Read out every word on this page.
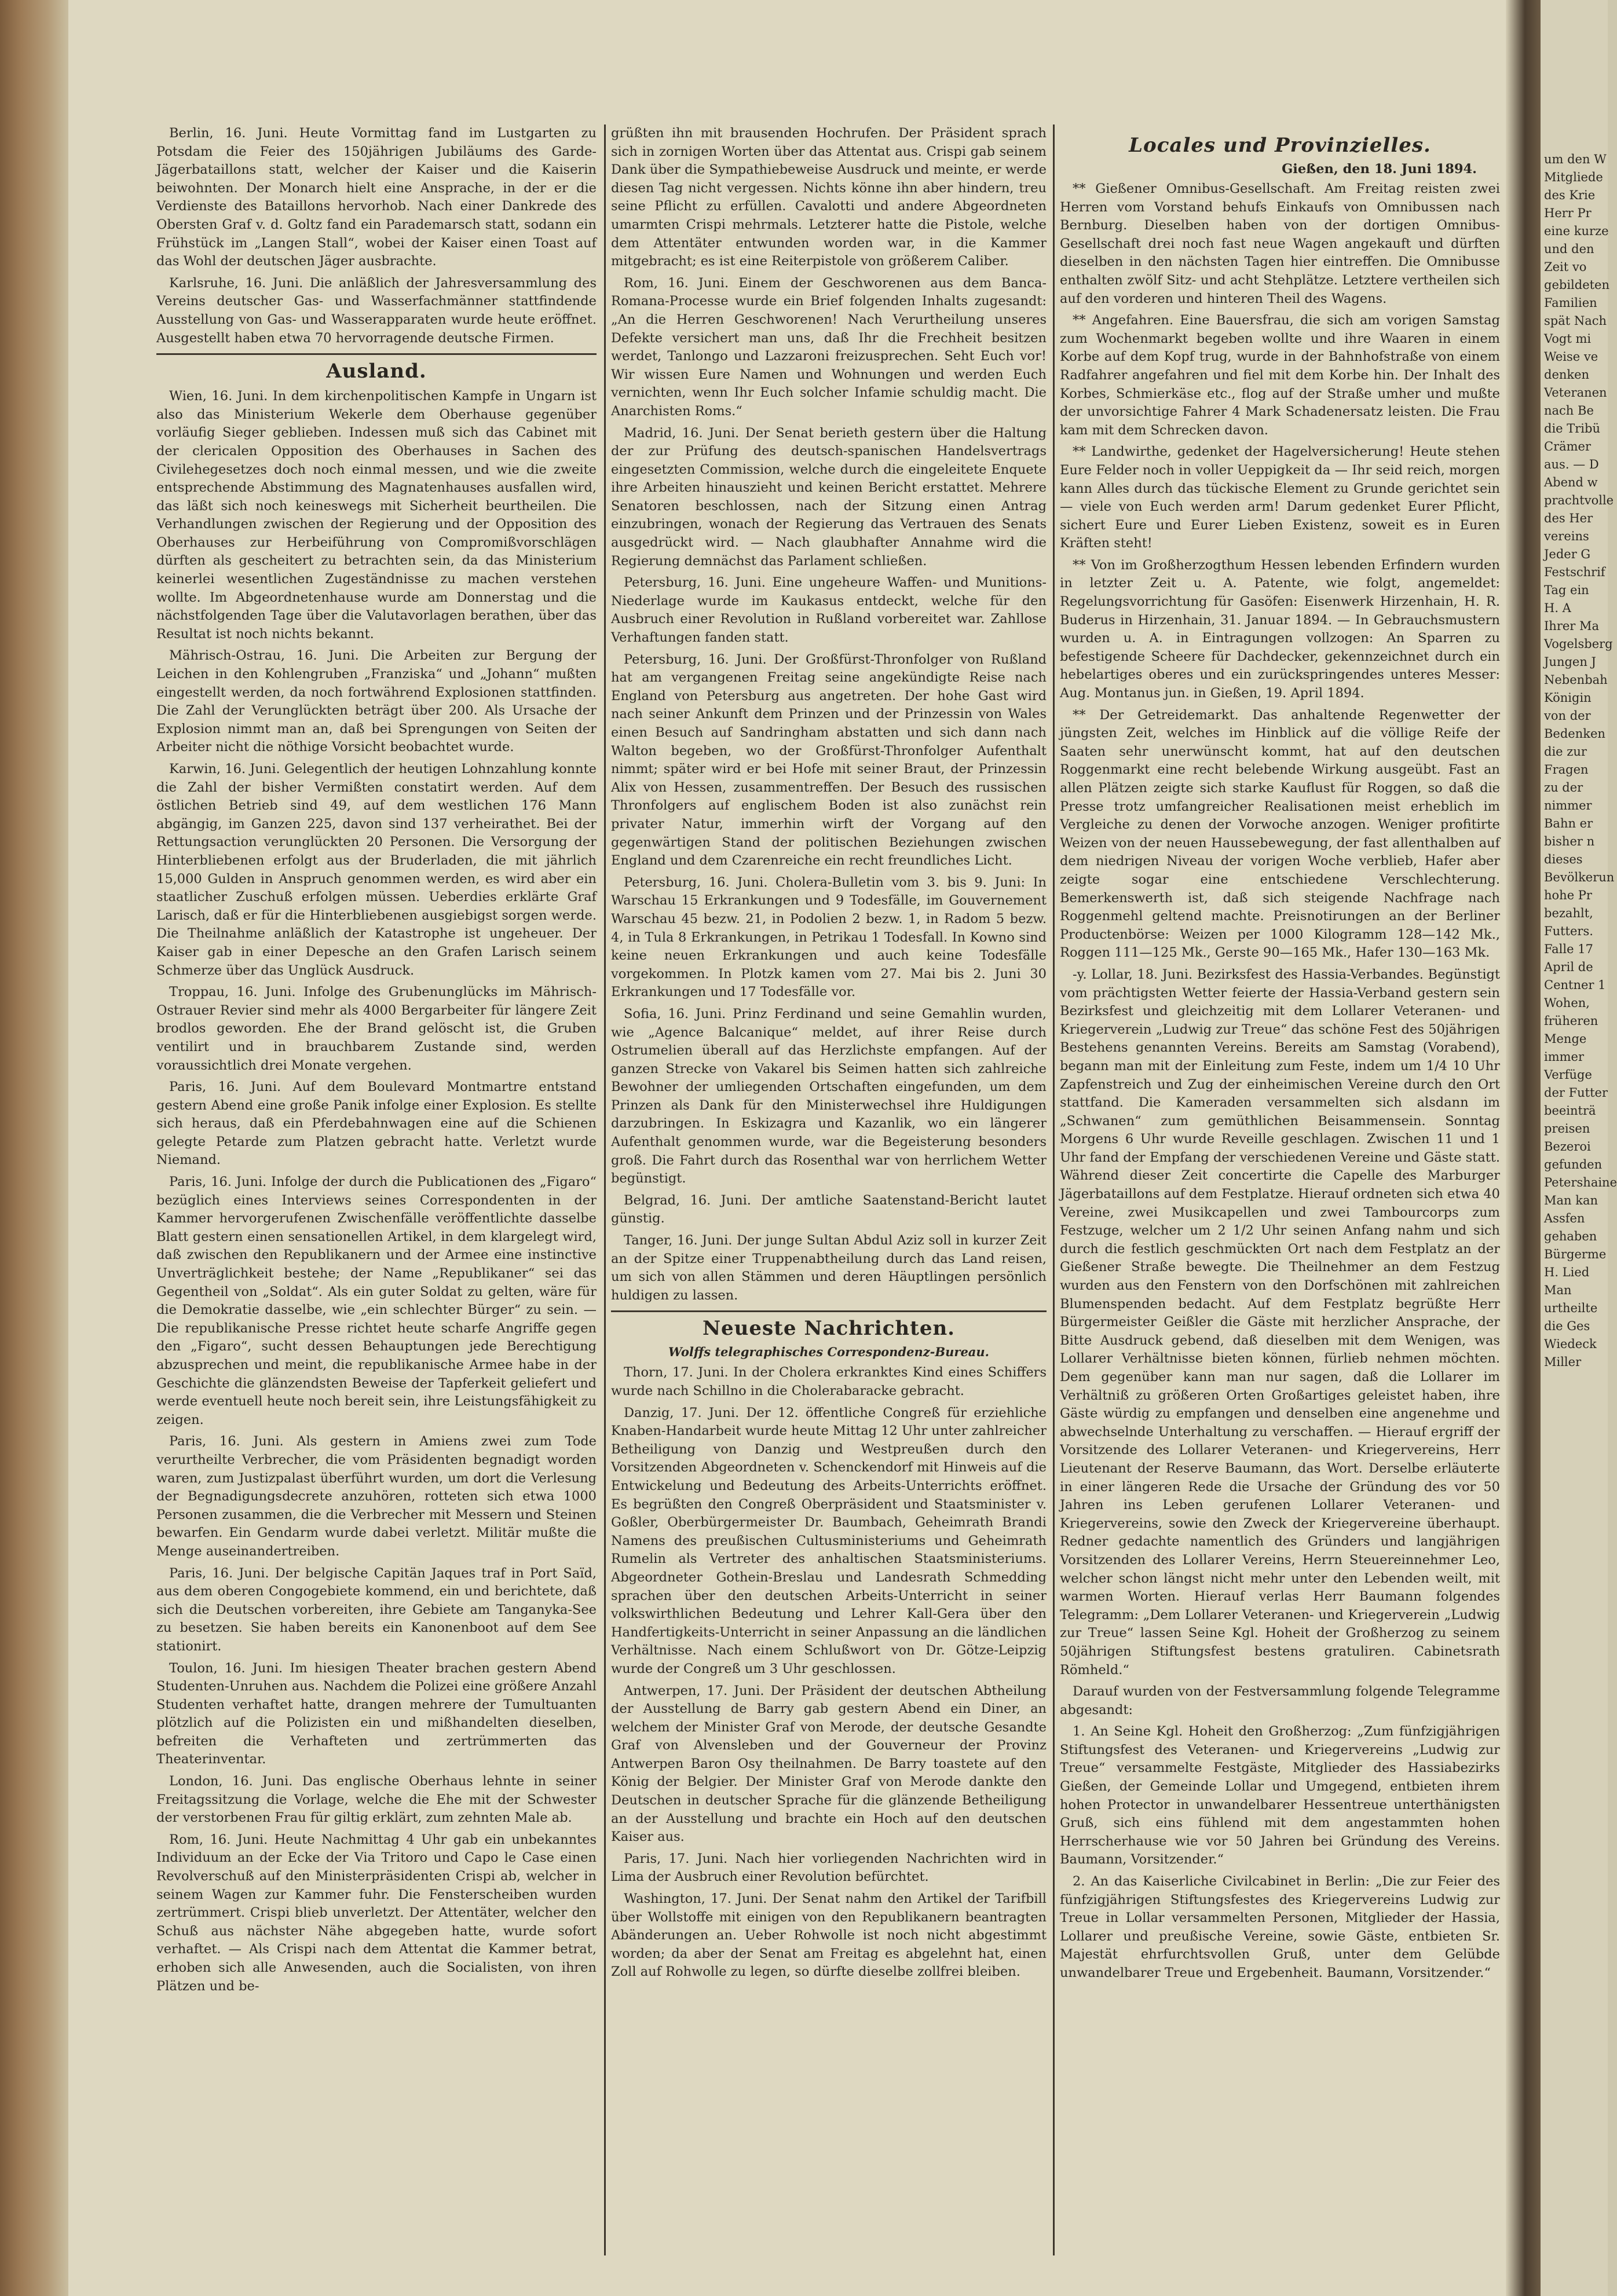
Berlin, 16. Juni. Heute Vormittag fand im Lustgarten zu Potsdam die Feier des 150jährigen Jubiläums des Garde-Jägerbataillons statt, welcher der Kaiser und die Kaiserin beiwohnten. Der Monarch hielt eine Ansprache, in der er die Verdienste des Bataillons hervorhob. Nach einer Dankrede des Obersten Graf v. d. Goltz fand ein Parademarsch statt, sodann ein Frühstück im „Langen Stall“, wobei der Kaiser einen Toast auf das Wohl der deutschen Jäger ausbrachte.

Karlsruhe, 16. Juni. Die anläßlich der Jahresversammlung des Vereins deutscher Gas- und Wasserfachmänner stattfindende Ausstellung von Gas- und Wasserapparaten wurde heute eröffnet. Ausgestellt haben etwa 70 hervorragende deutsche Firmen.

Ausland.

Wien, 16. Juni. In dem kirchenpolitischen Kampfe in Ungarn ist also das Ministerium Wekerle dem Oberhause gegenüber vorläufig Sieger geblieben. Indessen muß sich das Cabinet mit der clericalen Opposition des Oberhauses in Sachen des Civilehegesetzes doch noch einmal messen, und wie die zweite entsprechende Abstimmung des Magnatenhauses ausfallen wird, das läßt sich noch keineswegs mit Sicherheit beurtheilen. Die Verhandlungen zwischen der Regierung und der Opposition des Oberhauses zur Herbeiführung von Compromißvorschlägen dürften als gescheitert zu betrachten sein, da das Ministerium keinerlei wesentlichen Zugeständnisse zu machen verstehen wollte. Im Abgeordnetenhause wurde am Donnerstag und die nächstfolgenden Tage über die Valutavorlagen berathen, über das Resultat ist noch nichts bekannt.

Mährisch-Ostrau, 16. Juni. Die Arbeiten zur Bergung der Leichen in den Kohlengruben „Franziska“ und „Johann“ mußten eingestellt werden, da noch fortwährend Explosionen stattfinden. Die Zahl der Verunglückten beträgt über 200. Als Ursache der Explosion nimmt man an, daß bei Sprengungen von Seiten der Arbeiter nicht die nöthige Vorsicht beobachtet wurde.

Karwin, 16. Juni. Gelegentlich der heutigen Lohnzahlung konnte die Zahl der bisher Vermißten constatirt werden. Auf dem östlichen Betrieb sind 49, auf dem westlichen 176 Mann abgängig, im Ganzen 225, davon sind 137 verheirathet. Bei der Rettungsaction verunglückten 20 Personen. Die Versorgung der Hinterbliebenen erfolgt aus der Bruderladen, die mit jährlich 15,000 Gulden in Anspruch genommen werden, es wird aber ein staatlicher Zuschuß erfolgen müssen. Ueberdies erklärte Graf Larisch, daß er für die Hinterbliebenen ausgiebigst sorgen werde. Die Theilnahme anläßlich der Katastrophe ist ungeheuer. Der Kaiser gab in einer Depesche an den Grafen Larisch seinem Schmerze über das Unglück Ausdruck.

Troppau, 16. Juni. Infolge des Grubenunglücks im Mährisch-Ostrauer Revier sind mehr als 4000 Bergarbeiter für längere Zeit brodlos geworden. Ehe der Brand gelöscht ist, die Gruben ventilirt und in brauchbarem Zustande sind, werden voraussichtlich drei Monate vergehen.

Paris, 16. Juni. Auf dem Boulevard Montmartre entstand gestern Abend eine große Panik infolge einer Explosion. Es stellte sich heraus, daß ein Pferdebahnwagen eine auf die Schienen gelegte Petarde zum Platzen gebracht hatte. Verletzt wurde Niemand.

Paris, 16. Juni. Infolge der durch die Publicationen des „Figaro“ bezüglich eines Interviews seines Correspondenten in der Kammer hervorgerufenen Zwischenfälle veröffentlichte dasselbe Blatt gestern einen sensationellen Artikel, in dem klargelegt wird, daß zwischen den Republikanern und der Armee eine instinctive Unverträglichkeit bestehe; der Name „Republikaner“ sei das Gegentheil von „Soldat“. Als ein guter Soldat zu gelten, wäre für die Demokratie dasselbe, wie „ein schlechter Bürger“ zu sein. — Die republikanische Presse richtet heute scharfe Angriffe gegen den „Figaro“, sucht dessen Behauptungen jede Berechtigung abzusprechen und meint, die republikanische Armee habe in der Geschichte die glänzendsten Beweise der Tapferkeit geliefert und werde eventuell heute noch bereit sein, ihre Leistungsfähigkeit zu zeigen.

Paris, 16. Juni. Als gestern in Amiens zwei zum Tode verurtheilte Verbrecher, die vom Präsidenten begnadigt worden waren, zum Justizpalast überführt wurden, um dort die Verlesung der Begnadigungsdecrete anzuhören, rotteten sich etwa 1000 Personen zusammen, die die Verbrecher mit Messern und Steinen bewarfen. Ein Gendarm wurde dabei verletzt. Militär mußte die Menge auseinandertreiben.

Paris, 16. Juni. Der belgische Capitän Jaques traf in Port Saïd, aus dem oberen Congogebiete kommend, ein und berichtete, daß sich die Deutschen vorbereiten, ihre Gebiete am Tanganyka-See zu besetzen. Sie haben bereits ein Kanonenboot auf dem See stationirt.

Toulon, 16. Juni. Im hiesigen Theater brachen gestern Abend Studenten-Unruhen aus. Nachdem die Polizei eine größere Anzahl Studenten verhaftet hatte, drangen mehrere der Tumultuanten plötzlich auf die Polizisten ein und mißhandelten dieselben, befreiten die Verhafteten und zertrümmerten das Theaterinventar.

London, 16. Juni. Das englische Oberhaus lehnte in seiner Freitagssitzung die Vorlage, welche die Ehe mit der Schwester der verstorbenen Frau für giltig erklärt, zum zehnten Male ab.

Rom, 16. Juni. Heute Nachmittag 4 Uhr gab ein unbekanntes Individuum an der Ecke der Via Tritoro und Capo le Case einen Revolverschuß auf den Ministerpräsidenten Crispi ab, welcher in seinem Wagen zur Kammer fuhr. Die Fensterscheiben wurden zertrümmert. Crispi blieb unverletzt. Der Attentäter, welcher den Schuß aus nächster Nähe abgegeben hatte, wurde sofort verhaftet. — Als Crispi nach dem Attentat die Kammer betrat, erhoben sich alle Anwesenden, auch die Socialisten, von ihren Plätzen und be-

grüßten ihn mit brausenden Hochrufen. Der Präsident sprach sich in zornigen Worten über das Attentat aus. Crispi gab seinem Dank über die Sympathiebeweise Ausdruck und meinte, er werde diesen Tag nicht vergessen. Nichts könne ihn aber hindern, treu seine Pflicht zu erfüllen. Cavalotti und andere Abgeordneten umarmten Crispi mehrmals. Letzterer hatte die Pistole, welche dem Attentäter entwunden worden war, in die Kammer mitgebracht; es ist eine Reiterpistole von größerem Caliber.

Rom, 16. Juni. Einem der Geschworenen aus dem Banca-Romana-Processe wurde ein Brief folgenden Inhalts zugesandt: „An die Herren Geschworenen! Nach Verurtheilung unseres Defekte versichert man uns, daß Ihr die Frechheit besitzen werdet, Tanlongo und Lazzaroni freizusprechen. Seht Euch vor! Wir wissen Eure Namen und Wohnungen und werden Euch vernichten, wenn Ihr Euch solcher Infamie schuldig macht. Die Anarchisten Roms.“

Madrid, 16. Juni. Der Senat berieth gestern über die Haltung der zur Prüfung des deutsch-spanischen Handelsvertrags eingesetzten Commission, welche durch die eingeleitete Enquete ihre Arbeiten hinauszieht und keinen Bericht erstattet. Mehrere Senatoren beschlossen, nach der Sitzung einen Antrag einzubringen, wonach der Regierung das Vertrauen des Senats ausgedrückt wird. — Nach glaubhafter Annahme wird die Regierung demnächst das Parlament schließen.

Petersburg, 16. Juni. Eine ungeheure Waffen- und Munitions-Niederlage wurde im Kaukasus entdeckt, welche für den Ausbruch einer Revolution in Rußland vorbereitet war. Zahllose Verhaftungen fanden statt.

Petersburg, 16. Juni. Der Großfürst-Thronfolger von Rußland hat am vergangenen Freitag seine angekündigte Reise nach England von Petersburg aus angetreten. Der hohe Gast wird nach seiner Ankunft dem Prinzen und der Prinzessin von Wales einen Besuch auf Sandringham abstatten und sich dann nach Walton begeben, wo der Großfürst-Thronfolger Aufenthalt nimmt; später wird er bei Hofe mit seiner Braut, der Prinzessin Alix von Hessen, zusammentreffen. Der Besuch des russischen Thronfolgers auf englischem Boden ist also zunächst rein privater Natur, immerhin wirft der Vorgang auf den gegenwärtigen Stand der politischen Beziehungen zwischen England und dem Czarenreiche ein recht freundliches Licht.

Petersburg, 16. Juni. Cholera-Bulletin vom 3. bis 9. Juni: In Warschau 15 Erkrankungen und 9 Todesfälle, im Gouvernement Warschau 45 bezw. 21, in Podolien 2 bezw. 1, in Radom 5 bezw. 4, in Tula 8 Erkrankungen, in Petrikau 1 Todesfall. In Kowno sind keine neuen Erkrankungen und auch keine Todesfälle vorgekommen. In Plotzk kamen vom 27. Mai bis 2. Juni 30 Erkrankungen und 17 Todesfälle vor.

Sofia, 16. Juni. Prinz Ferdinand und seine Gemahlin wurden, wie „Agence Balcanique“ meldet, auf ihrer Reise durch Ostrumelien überall auf das Herzlichste empfangen. Auf der ganzen Strecke von Vakarel bis Seimen hatten sich zahlreiche Bewohner der umliegenden Ortschaften eingefunden, um dem Prinzen als Dank für den Ministerwechsel ihre Huldigungen darzubringen. In Eskizagra und Kazanlik, wo ein längerer Aufenthalt genommen wurde, war die Begeisterung besonders groß. Die Fahrt durch das Rosenthal war von herrlichem Wetter begünstigt.

Belgrad, 16. Juni. Der amtliche Saatenstand-Bericht lautet günstig.

Tanger, 16. Juni. Der junge Sultan Abdul Aziz soll in kurzer Zeit an der Spitze einer Truppenabtheilung durch das Land reisen, um sich von allen Stämmen und deren Häuptlingen persönlich huldigen zu lassen.

Neueste Nachrichten.
Wolffs telegraphisches Correspondenz-Bureau.

Thorn, 17. Juni. In der Cholera erkranktes Kind eines Schiffers wurde nach Schillno in die Cholerabaracke gebracht.

Danzig, 17. Juni. Der 12. öffentliche Congreß für erziehliche Knaben-Handarbeit wurde heute Mittag 12 Uhr unter zahlreicher Betheiligung von Danzig und Westpreußen durch den Vorsitzenden Abgeordneten v. Schenckendorf mit Hinweis auf die Entwickelung und Bedeutung des Arbeits-Unterrichts eröffnet. Es begrüßten den Congreß Oberpräsident und Staatsminister v. Goßler, Oberbürgermeister Dr. Baumbach, Geheimrath Brandi Namens des preußischen Cultusministeriums und Geheimrath Rumelin als Vertreter des anhaltischen Staatsministeriums. Abgeordneter Gothein-Breslau und Landesrath Schmedding sprachen über den deutschen Arbeits-Unterricht in seiner volkswirthlichen Bedeutung und Lehrer Kall-Gera über den Handfertigkeits-Unterricht in seiner Anpassung an die ländlichen Verhältnisse. Nach einem Schlußwort von Dr. Götze-Leipzig wurde der Congreß um 3 Uhr geschlossen.

Antwerpen, 17. Juni. Der Präsident der deutschen Abtheilung der Ausstellung de Barry gab gestern Abend ein Diner, an welchem der Minister Graf von Merode, der deutsche Gesandte Graf von Alvensleben und der Gouverneur der Provinz Antwerpen Baron Osy theilnahmen. De Barry toastete auf den König der Belgier. Der Minister Graf von Merode dankte den Deutschen in deutscher Sprache für die glänzende Betheiligung an der Ausstellung und brachte ein Hoch auf den deutschen Kaiser aus.

Paris, 17. Juni. Nach hier vorliegenden Nachrichten wird in Lima der Ausbruch einer Revolution befürchtet.

Washington, 17. Juni. Der Senat nahm den Artikel der Tarifbill über Wollstoffe mit einigen von den Republikanern beantragten Abänderungen an. Ueber Rohwolle ist noch nicht abgestimmt worden; da aber der Senat am Freitag es abgelehnt hat, einen Zoll auf Rohwolle zu legen, so dürfte dieselbe zollfrei bleiben.

Locales und Provinzielles.
Gießen, den 18. Juni 1894.

** Gießener Omnibus-Gesellschaft. Am Freitag reisten zwei Herren vom Vorstand behufs Einkaufs von Omnibussen nach Bernburg. Dieselben haben von der dortigen Omnibus-Gesellschaft drei noch fast neue Wagen angekauft und dürften dieselben in den nächsten Tagen hier eintreffen. Die Omnibusse enthalten zwölf Sitz- und acht Stehplätze. Letztere vertheilen sich auf den vorderen und hinteren Theil des Wagens.

** Angefahren. Eine Bauersfrau, die sich am vorigen Samstag zum Wochenmarkt begeben wollte und ihre Waaren in einem Korbe auf dem Kopf trug, wurde in der Bahnhofstraße von einem Radfahrer angefahren und fiel mit dem Korbe hin. Der Inhalt des Korbes, Schmierkäse etc., flog auf der Straße umher und mußte der unvorsichtige Fahrer 4 Mark Schadenersatz leisten. Die Frau kam mit dem Schrecken davon.

** Landwirthe, gedenket der Hagelversicherung! Heute stehen Eure Felder noch in voller Ueppigkeit da — Ihr seid reich, morgen kann Alles durch das tückische Element zu Grunde gerichtet sein — viele von Euch werden arm! Darum gedenket Eurer Pflicht, sichert Eure und Eurer Lieben Existenz, soweit es in Euren Kräften steht!

** Von im Großherzogthum Hessen lebenden Erfindern wurden in letzter Zeit u. A. Patente, wie folgt, angemeldet: Regelungsvorrichtung für Gasöfen: Eisenwerk Hirzenhain, H. R. Buderus in Hirzenhain, 31. Januar 1894. — In Gebrauchsmustern wurden u. A. in Eintragungen vollzogen: An Sparren zu befestigende Scheere für Dachdecker, gekennzeichnet durch ein hebelartiges oberes und ein zurückspringendes unteres Messer: Aug. Montanus jun. in Gießen, 19. April 1894.

** Der Getreidemarkt. Das anhaltende Regenwetter der jüngsten Zeit, welches im Hinblick auf die völlige Reife der Saaten sehr unerwünscht kommt, hat auf den deutschen Roggenmarkt eine recht belebende Wirkung ausgeübt. Fast an allen Plätzen zeigte sich starke Kauflust für Roggen, so daß die Presse trotz umfangreicher Realisationen meist erheblich im Vergleiche zu denen der Vorwoche anzogen. Weniger profitirte Weizen von der neuen Haussebewegung, der fast allenthalben auf dem niedrigen Niveau der vorigen Woche verblieb, Hafer aber zeigte sogar eine entschiedene Verschlechterung. Bemerkenswerth ist, daß sich steigende Nachfrage nach Roggenmehl geltend machte. Preisnotirungen an der Berliner Productenbörse: Weizen per 1000 Kilogramm 128—142 Mk., Roggen 111—125 Mk., Gerste 90—165 Mk., Hafer 130—163 Mk.

-y. Lollar, 18. Juni. Bezirksfest des Hassia-Verbandes. Begünstigt vom prächtigsten Wetter feierte der Hassia-Verband gestern sein Bezirksfest und gleichzeitig mit dem Lollarer Veteranen- und Kriegerverein „Ludwig zur Treue“ das schöne Fest des 50jährigen Bestehens genannten Vereins. Bereits am Samstag (Vorabend), begann man mit der Einleitung zum Feste, indem um 1/4 10 Uhr Zapfenstreich und Zug der einheimischen Vereine durch den Ort stattfand. Die Kameraden versammelten sich alsdann im „Schwanen“ zum gemüthlichen Beisammensein. Sonntag Morgens 6 Uhr wurde Reveille geschlagen. Zwischen 11 und 1 Uhr fand der Empfang der verschiedenen Vereine und Gäste statt. Während dieser Zeit concertirte die Capelle des Marburger Jägerbataillons auf dem Festplatze. Hierauf ordneten sich etwa 40 Vereine, zwei Musikcapellen und zwei Tambourcorps zum Festzuge, welcher um 2 1/2 Uhr seinen Anfang nahm und sich durch die festlich geschmückten Ort nach dem Festplatz an der Gießener Straße bewegte. Die Theilnehmer an dem Festzug wurden aus den Fenstern von den Dorfschönen mit zahlreichen Blumenspenden bedacht. Auf dem Festplatz begrüßte Herr Bürgermeister Geißler die Gäste mit herzlicher Ansprache, der Bitte Ausdruck gebend, daß dieselben mit dem Wenigen, was Lollarer Verhältnisse bieten können, fürlieb nehmen möchten. Dem gegenüber kann man nur sagen, daß die Lollarer im Verhältniß zu größeren Orten Großartiges geleistet haben, ihre Gäste würdig zu empfangen und denselben eine angenehme und abwechselnde Unterhaltung zu verschaffen. — Hierauf ergriff der Vorsitzende des Lollarer Veteranen- und Kriegervereins, Herr Lieutenant der Reserve Baumann, das Wort. Derselbe erläuterte in einer längeren Rede die Ursache der Gründung des vor 50 Jahren ins Leben gerufenen Lollarer Veteranen- und Kriegervereins, sowie den Zweck der Kriegervereine überhaupt. Redner gedachte namentlich des Gründers und langjährigen Vorsitzenden des Lollarer Vereins, Herrn Steuereinnehmer Leo, welcher schon längst nicht mehr unter den Lebenden weilt, mit warmen Worten. Hierauf verlas Herr Baumann folgendes Telegramm: „Dem Lollarer Veteranen- und Kriegerverein „Ludwig zur Treue“ lassen Seine Kgl. Hoheit der Großherzog zu seinem 50jährigen Stiftungsfest bestens gratuliren. Cabinetsrath Römheld.“

Darauf wurden von der Festversammlung folgende Telegramme abgesandt:

1. An Seine Kgl. Hoheit den Großherzog: „Zum fünfzigjährigen Stiftungsfest des Veteranen- und Kriegervereins „Ludwig zur Treue“ versammelte Festgäste, Mitglieder des Hassiabezirks Gießen, der Gemeinde Lollar und Umgegend, entbieten ihrem hohen Protector in unwandelbarer Hessentreue unterthänigsten Gruß, sich eins fühlend mit dem angestammten hohen Herrscherhause wie vor 50 Jahren bei Gründung des Vereins. Baumann, Vorsitzender.“

2. An das Kaiserliche Civilcabinet in Berlin: „Die zur Feier des fünfzigjährigen Stiftungsfestes des Kriegervereins Ludwig zur Treue in Lollar versammelten Personen, Mitglieder der Hassia, Lollarer und preußische Vereine, sowie Gäste, entbieten Sr. Majestät ehrfurchtsvollen Gruß, unter dem Gelübde unwandelbarer Treue und Ergebenheit. Baumann, Vorsitzender.“

um den W

Mitgliede

des Krie

Herr Pr

eine kurze

und den

Zeit vo

gebildeten

Familien

spät Nach

Vogt mi

Weise ve

denken

Veteranen

nach Be

die Tribü

Crämer

aus. — D

Abend w

prachtvolle

des Her

vereins

Jeder G

Festschrif

Tag ein

H. A

Ihrer Ma

Vogelsberg

Jungen J

Nebenbah

Königin

von der

Bedenken

die zur

Fragen

zu der

nimmer

Bahn er

bisher n

dieses

Bevölkerun

hohe Pr

bezahlt,

Futters.

Falle 17

April de

Centner 1

Wohen,

früheren

Menge

immer

Verfüge

der Futter

beeinträ

preisen

Bezeroi

gefunden

Petershaine

Man kan

Assfen

gehaben

Bürgerme

H. Lied

Man

urtheilte

die Ges

Wiedeck

Miller
